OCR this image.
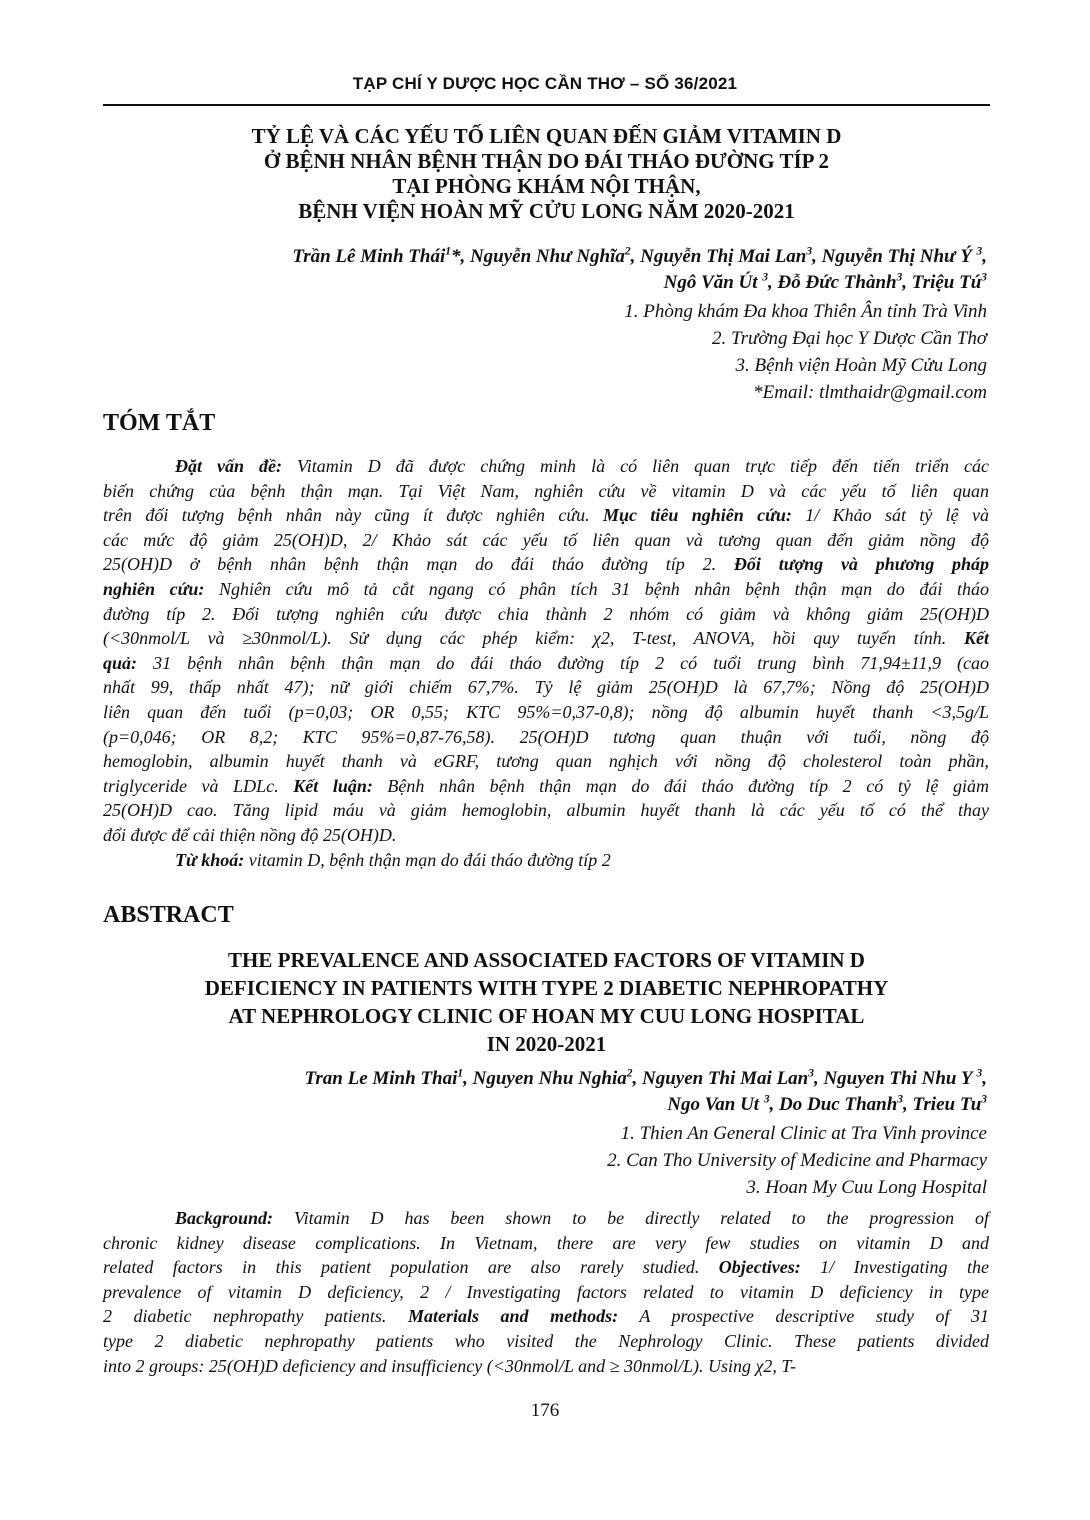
TẠP CHÍ Y DƯỢC HỌC CẦN THƠ – SỐ 36/2021
TỶ LỆ VÀ CÁC YẾU TỐ LIÊN QUAN ĐẾN GIẢM VITAMIN D
Ở BỆNH NHÂN BỆNH THẬN DO ĐÁI THÁO ĐƯỜNG TÍP 2
TẠI PHÒNG KHÁM NỘI THẬN,
BỆNH VIỆN HOÀN MỸ CỬU LONG NĂM 2020-2021
Trần Lê Minh Thái$^1$*, Nguyễn Như Nghĩa$^2$, Nguyễn Thị Mai Lan$^3$, Nguyễn Thị Như Ý $^3$,
Ngô Văn Út $^3$, Đỗ Đức Thành$^3$, Triệu $Tú^3$
1. Phòng khám Đa khoa Thiên Ân tỉnh Trà Vinh
2. Trường Đại học Y Dược Cần Thơ
3. Bệnh viện Hoàn Mỹ Cửu Long
*Email: tlmthaidr@gmail.com
TÓM TẮT
Đặt vấn đề: Vitamin D đã được chứng minh là có liên quan trực tiếp đến tiến triển các
biến chứng của bệnh thận mạn. Tại Việt Nam, nghiên cứu về vitamin D và các yếu tố liên quan
trên đối tượng bệnh nhân này cũng ít được nghiên cứu. Mục tiêu nghiên cứu: 1/ Khảo sát tỷ lệ và
các mức độ giảm 25(OH)D, 2/ Khảo sát các yếu tố liên quan và tương quan đến giảm nồng độ
25(OH)D ở bệnh nhân bệnh thận mạn do đái tháo đường típ 2. Đối tượng và phương pháp
nghiên cứu: Nghiên cứu mô tả cắt ngang có phân tích 31 bệnh nhân bệnh thận mạn do đái tháo
đường típ 2. Đối tượng nghiên cứu được chia thành 2 nhóm có giảm và không giảm 25(OH)D
(<30nmol/L và ≥30nmol/L). Sử dụng các phép kiểm: χ2, T-test, ANOVA, hồi quy tuyến tính. Kết
quả: 31 bệnh nhân bệnh thận mạn do đái tháo đường típ 2 có tuổi trung bình 71,94±11,9 (cao
nhất 99, thấp nhất 47); nữ giới chiếm 67,7%. Tỷ lệ giảm 25(OH)D là 67,7%; Nồng độ 25(OH)D
liên quan đến tuổi (p=0,03; OR 0,55; KTC 95%=0,37-0,8); nồng độ albumin huyết thanh <3,5g/L
(p=0,046; OR 8,2; KTC 95%=0,87-76,58). 25(OH)D tương quan thuận với tuổi, nồng độ
hemoglobin, albumin huyết thanh và eGRF, tương quan nghịch với nồng độ cholesterol toàn phần,
triglyceride và LDLc. Kết luận: Bệnh nhân bệnh thận mạn do đái tháo đường típ 2 có tỷ lệ giảm
25(OH)D cao. Tăng lipid máu và giảm hemoglobin, albumin huyết thanh là các yếu tố có thể thay
đổi được để cải thiện nồng độ 25(OH)D.
Từ khoá: vitamin D, bệnh thận mạn do đái tháo đường típ 2
ABSTRACT
THE PREVALENCE AND ASSOCIATED FACTORS OF VITAMIN D
DEFICIENCY IN PATIENTS WITH TYPE 2 DIABETIC NEPHROPATHY
AT NEPHROLOGY CLINIC OF HOAN MY CUU LONG HOSPITAL
IN 2020-2021
Tran Le Minh Thai$^1$, Nguyen Nhu Nghia$^2$, Nguyen Thi Mai Lan$^3$, Nguyen Thi Nhu Y $^3$,
Ngo Van Ut $^3$, Do Duc Thanh$^3$, Trieu Tu$^3$
1. Thien An General Clinic at Tra Vinh province
2. Can Tho University of Medicine and Pharmacy
3. Hoan My Cuu Long Hospital
Background: Vitamin D has been shown to be directly related to the progression of
chronic kidney disease complications. In Vietnam, there are very few studies on vitamin D and
related factors in this patient population are also rarely studied. Objectives: 1/ Investigating the
prevalence of vitamin D deficiency, 2 / Investigating factors related to vitamin D deficiency in type
2 diabetic nephropathy patients. Materials and methods: A prospective descriptive study of 31
type 2 diabetic nephropathy patients who visited the Nephrology Clinic. These patients divided
into 2 groups: 25(OH)D deficiency and insufficiency (<30nmol/L and ≥ 30nmol/L). Using χ2, T-
176
